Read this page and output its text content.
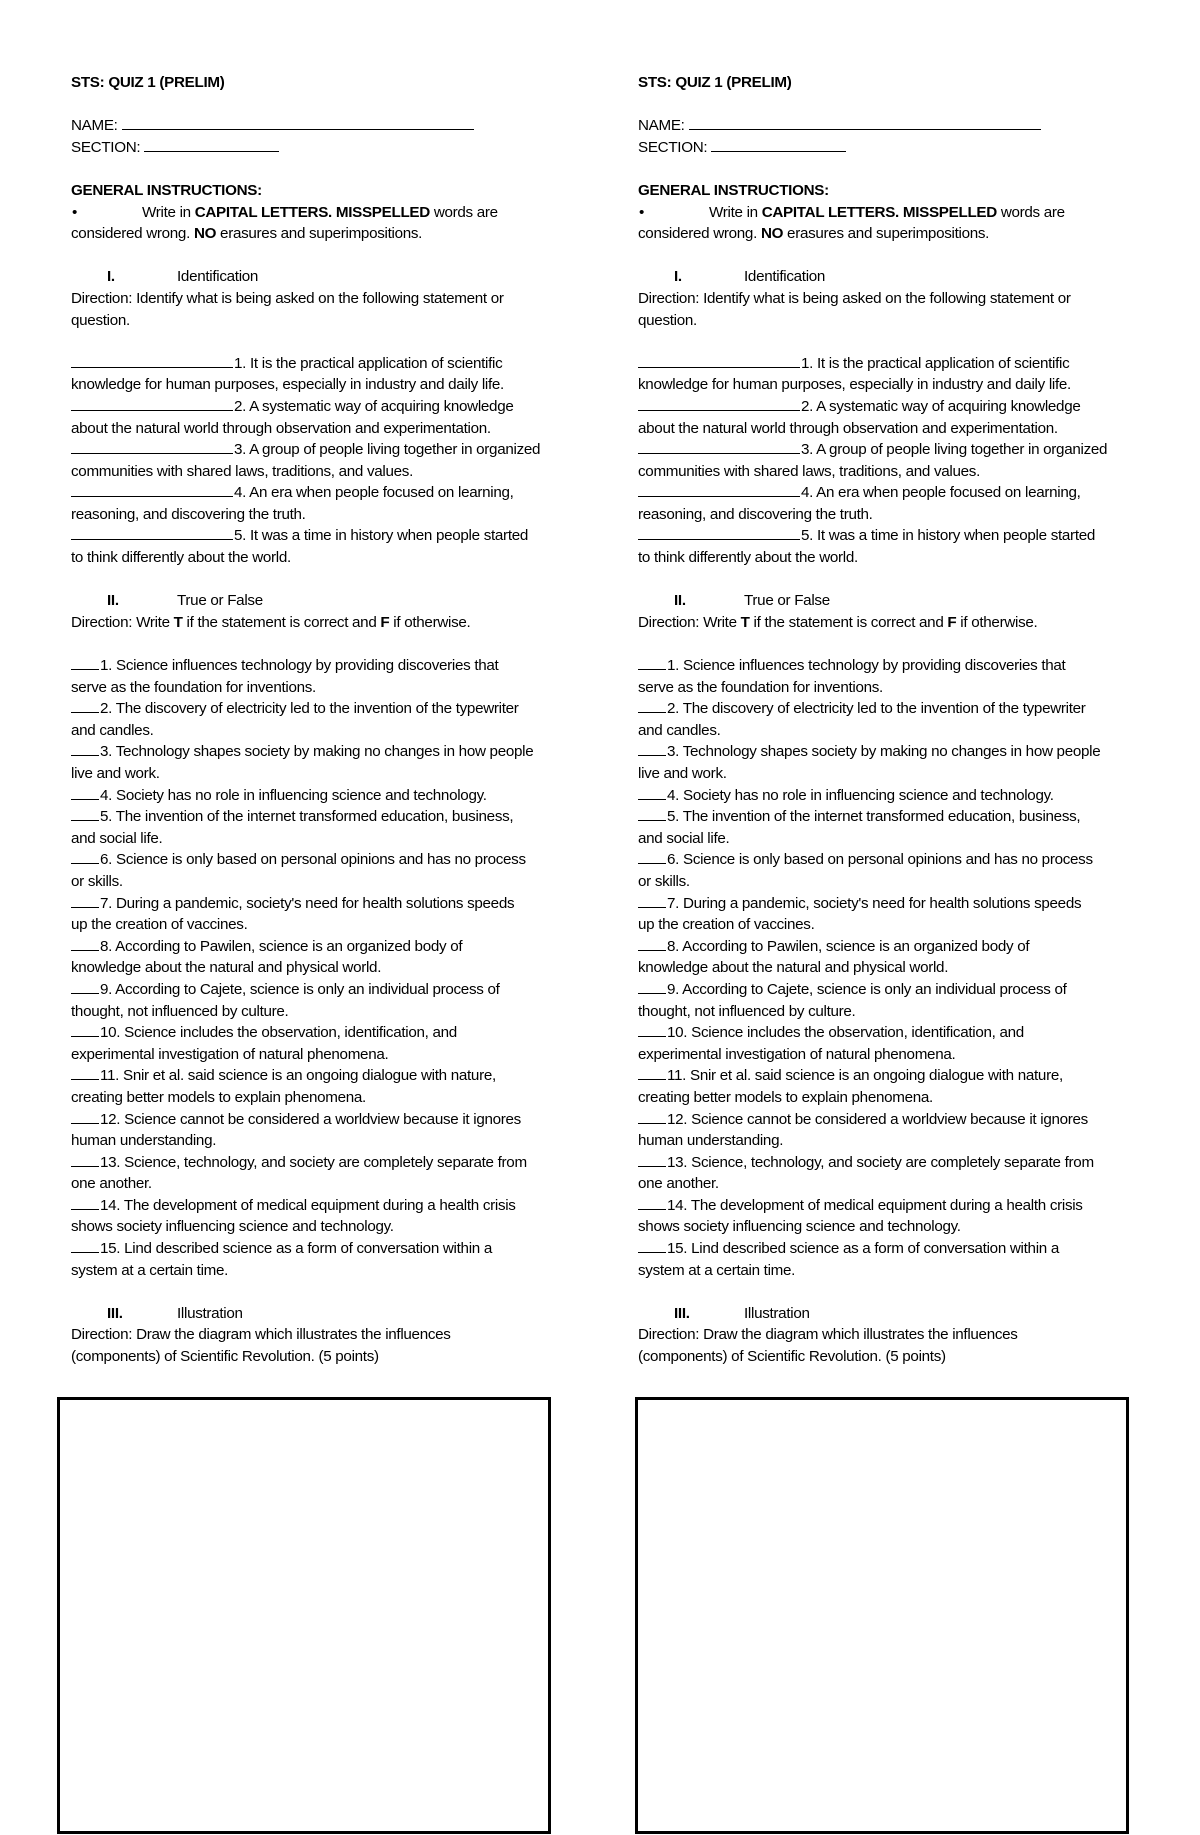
STS: QUIZ 1 (PRELIM)
NAME:
SECTION:
GENERAL INSTRUCTIONS:
•	Write in CAPITAL LETTERS. MISSPELLED words are
considered wrong. NO erasures and superimpositions.
I.	Identification
Direction: Identify what is being asked on the following statement or
question.
1. It is the practical application of scientific
knowledge for human purposes, especially in industry and daily life.
2. A systematic way of acquiring knowledge
about the natural world through observation and experimentation.
3. A group of people living together in organized
communities with shared laws, traditions, and values.
4. An era when people focused on learning,
reasoning, and discovering the truth.
5. It was a time in history when people started
to think differently about the world.
II.	True or False
Direction: Write T if the statement is correct and F if otherwise.
1. Science influences technology by providing discoveries that
serve as the foundation for inventions.
2. The discovery of electricity led to the invention of the typewriter
and candles.
3. Technology shapes society by making no changes in how people
live and work.
4. Society has no role in influencing science and technology.
5. The invention of the internet transformed education, business,
and social life.
6. Science is only based on personal opinions and has no process
or skills.
7. During a pandemic, society's need for health solutions speeds
up the creation of vaccines.
8. According to Pawilen, science is an organized body of
knowledge about the natural and physical world.
9. According to Cajete, science is only an individual process of
thought, not influenced by culture.
10. Science includes the observation, identification, and
experimental investigation of natural phenomena.
11. Snir et al. said science is an ongoing dialogue with nature,
creating better models to explain phenomena.
12. Science cannot be considered a worldview because it ignores
human understanding.
13. Science, technology, and society are completely separate from
one another.
14. The development of medical equipment during a health crisis
shows society influencing science and technology.
15. Lind described science as a form of conversation within a
system at a certain time.
III.	Illustration
Direction: Draw the diagram which illustrates the influences
(components) of Scientific Revolution. (5 points)
STS: QUIZ 1 (PRELIM)
NAME:
SECTION:
GENERAL INSTRUCTIONS:
•	Write in CAPITAL LETTERS. MISSPELLED words are
considered wrong. NO erasures and superimpositions.
I.	Identification
Direction: Identify what is being asked on the following statement or
question.
1. It is the practical application of scientific
knowledge for human purposes, especially in industry and daily life.
2. A systematic way of acquiring knowledge
about the natural world through observation and experimentation.
3. A group of people living together in organized
communities with shared laws, traditions, and values.
4. An era when people focused on learning,
reasoning, and discovering the truth.
5. It was a time in history when people started
to think differently about the world.
II.	True or False
Direction: Write T if the statement is correct and F if otherwise.
1. Science influences technology by providing discoveries that
serve as the foundation for inventions.
2. The discovery of electricity led to the invention of the typewriter
and candles.
3. Technology shapes society by making no changes in how people
live and work.
4. Society has no role in influencing science and technology.
5. The invention of the internet transformed education, business,
and social life.
6. Science is only based on personal opinions and has no process
or skills.
7. During a pandemic, society's need for health solutions speeds
up the creation of vaccines.
8. According to Pawilen, science is an organized body of
knowledge about the natural and physical world.
9. According to Cajete, science is only an individual process of
thought, not influenced by culture.
10. Science includes the observation, identification, and
experimental investigation of natural phenomena.
11. Snir et al. said science is an ongoing dialogue with nature,
creating better models to explain phenomena.
12. Science cannot be considered a worldview because it ignores
human understanding.
13. Science, technology, and society are completely separate from
one another.
14. The development of medical equipment during a health crisis
shows society influencing science and technology.
15. Lind described science as a form of conversation within a
system at a certain time.
III.	Illustration
Direction: Draw the diagram which illustrates the influences
(components) of Scientific Revolution. (5 points)
